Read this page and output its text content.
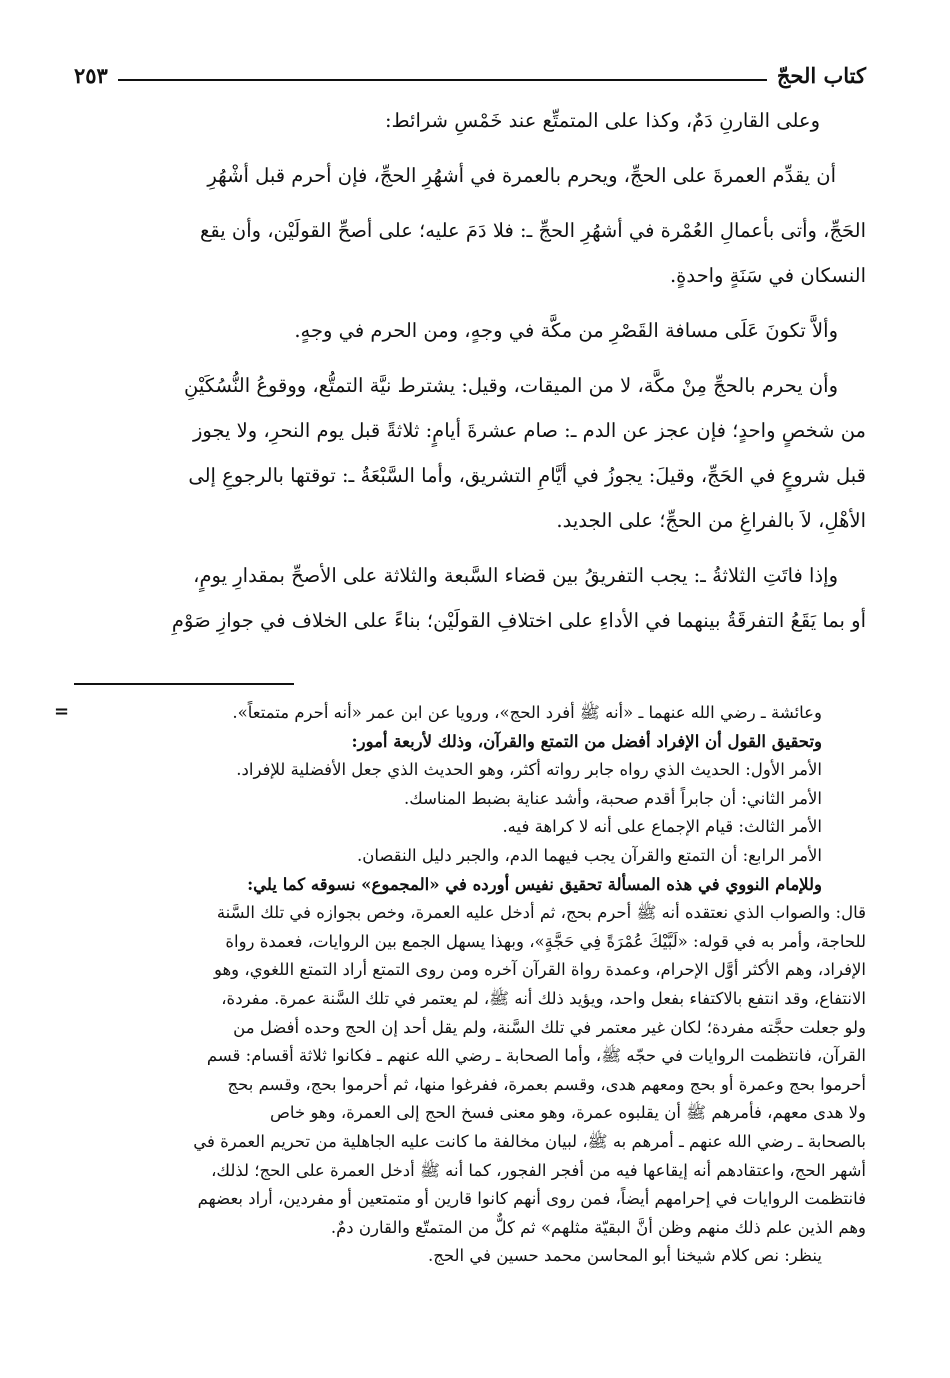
كتاب الحجّ
٢٥٣

وعلى القارنِ دَمٌ، وكذا على المتمتِّع عند خَمْسِ شرائط:

أن يقدِّم العمرةَ على الحجِّ، ويحرم بالعمرة في أشهُرِ الحجِّ، فإن أحرم قبل أشْهُرِ

الحَجِّ، وأتى بأعمالِ العُمْرة في أشهُرِ الحجِّ ـ: فلا دَمَ عليه؛ على أصحِّ القولَيْن، وأن يقع

النسكان في سَنَةٍ واحدةٍ.

وألاَّ تكونَ عَلَى مسافة القَصْرِ من مكَّة في وجهٍ، ومن الحرم في وجهٍ.

وأن يحرم بالحجِّ مِنْ مكَّة، لا من الميقات، وقيل: يشترط نيَّة التمتُّع، ووقوعُ النُّسُكَيْنِ

من شخصٍ واحدٍ؛ فإن عجز عن الدم ـ: صام عشرةَ أيامٍ: ثلاثةً قبل يوم النحرِ، ولا يجوز

قبل شروعٍ في الحَجِّ، وقيلَ: يجوزُ في أيَّامِ التشريق، وأما السَّبْعَةُ ـ: توقتها بالرجوعِ إلى

الأهْلِ، لاَ بالفراغِ من الحجِّ؛ على الجديد.

وإذا فاتَتِ الثلاثةُ ـ: يجب التفريقُ بين قضاء السَّبعة والثلاثة على الأصحِّ بمقدارِ يومٍ،

أو بما يَقَعُ التفرقَةُ بينهما في الأداءِ على اختلافِ القولَيْن؛ بناءً على الخلاف في جوازِ صَوْمِ

=	وعائشة ـ رضي الله عنهما ـ «أنه ﷺ أفرد الحج»، ورويا عن ابن عمر «أنه أحرم متمتعاً».

وتحقيق القول أن الإفراد أفضل من التمتع والقرآن، وذلك لأربعة أمور:

الأمر الأول: الحديث الذي رواه جابر رواته أكثر، وهو الحديث الذي جعل الأفضلية للإفراد.

الأمر الثاني: أن جابراً أقدم صحبة، وأشد عناية بضبط المناسك.

الأمر الثالث: قيام الإجماع على أنه لا كراهة فيه.

الأمر الرابع: أن التمتع والقرآن يجب فيهما الدم، والجبر دليل النقصان.

وللإمام النووي في هذه المسألة تحقيق نفيس أورده في «المجموع» نسوقه كما يلي:

قال: والصواب الذي نعتقده أنه ﷺ أحرم بحج، ثم أدخل عليه العمرة، وخص بجوازه في تلك السَّنة

للحاجة، وأمر به في قوله: «لَبَّيْكَ عُمْرَةً فِي حَجَّةٍ»، وبهذا يسهل الجمع بين الروايات، فعمدة رواة

الإفراد، وهم الأكثر أوَّل الإحرام، وعمدة رواة القرآن آخره ومن روى التمتع أراد التمتع اللغوي، وهو

الانتفاع، وقد انتفع بالاكتفاء بفعل واحد، ويؤيد ذلك أنه ﷺ، لم يعتمر في تلك السَّنة عمرة. مفردة،

ولو جعلت حجَّته مفردة؛ لكان غير معتمر في تلك السَّنة، ولم يقل أحد إن الحج وحده أفضل من

القرآن، فانتظمت الروايات في حجّه ﷺ، وأما الصحابة ـ رضي الله عنهم ـ فكانوا ثلاثة أقسام: قسم

أحرموا بحج وعمرة أو بحج ومعهم هدى، وقسم بعمرة، ففرغوا منها، ثم أحرموا بحج، وقسم بحج

ولا هدى معهم، فأمرهم ﷺ أن يقلبوه عمرة، وهو معنى فسخ الحج إلى العمرة، وهو خاص

بالصحابة ـ رضي الله عنهم ـ أمرهم به ﷺ، لبيان مخالفة ما كانت عليه الجاهلية من تحريم العمرة في

أشهر الحج، واعتقادهم أنه إيقاعها فيه من أفجر الفجور، كما أنه ﷺ أدخل العمرة على الحج؛ لذلك،

فانتظمت الروايات في إحرامهم أيضاً، فمن روى أنهم كانوا قارين أو متمتعين أو مفردين، أراد بعضهم

وهم الذين علم ذلك منهم وظن أنَّ البقيّة مثلهم» ثم كلٌّ من المتمتّع والقارن دمٌ.

ينظر: نص كلام شيخنا أبو المحاسن محمد حسين في الحج.
